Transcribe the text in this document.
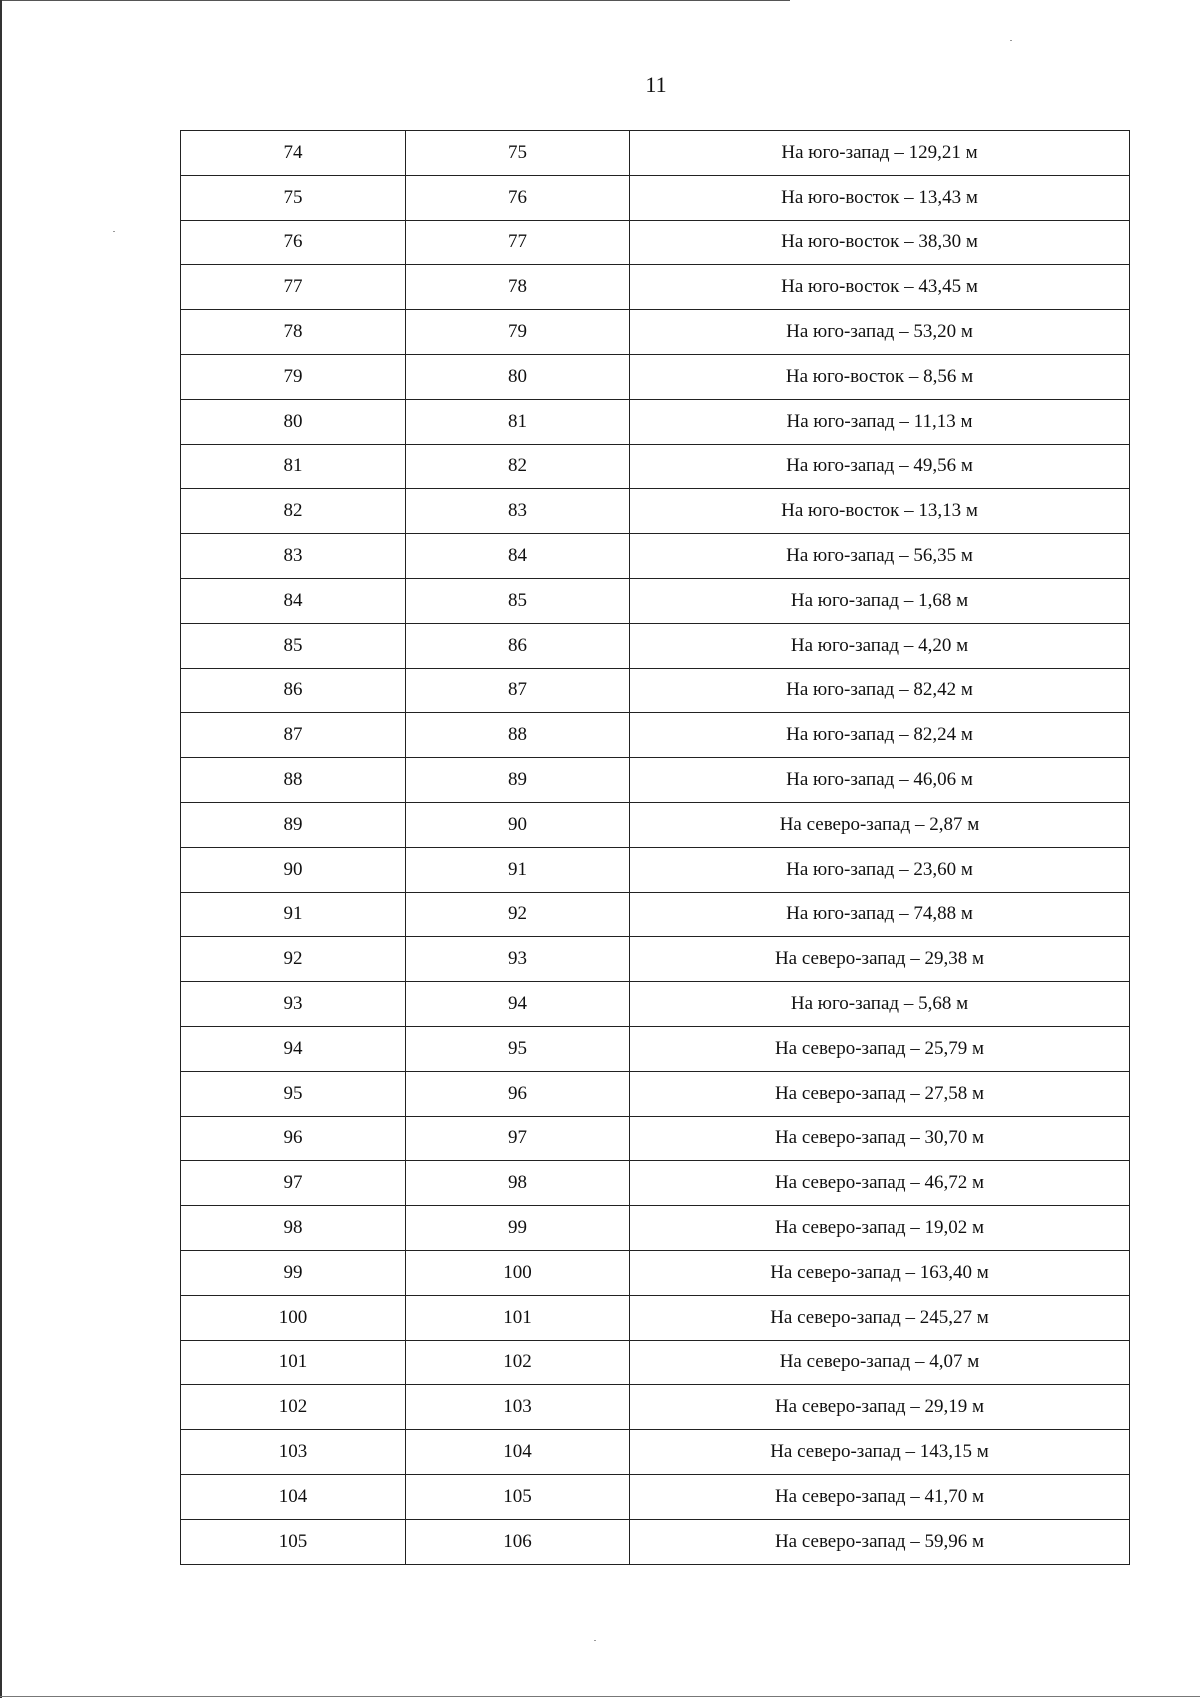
11
74	75	На юго-запад – 129,21 м
75	76	На юго-восток – 13,43 м
76	77	На юго-восток – 38,30 м
77	78	На юго-восток – 43,45 м
78	79	На юго-запад – 53,20 м
79	80	На юго-восток – 8,56 м
80	81	На юго-запад – 11,13 м
81	82	На юго-запад – 49,56 м
82	83	На юго-восток – 13,13 м
83	84	На юго-запад – 56,35 м
84	85	На юго-запад – 1,68 м
85	86	На юго-запад – 4,20 м
86	87	На юго-запад – 82,42 м
87	88	На юго-запад – 82,24 м
88	89	На юго-запад – 46,06 м
89	90	На северо-запад – 2,87 м
90	91	На юго-запад – 23,60 м
91	92	На юго-запад – 74,88 м
92	93	На северо-запад – 29,38 м
93	94	На юго-запад – 5,68 м
94	95	На северо-запад – 25,79 м
95	96	На северо-запад – 27,58 м
96	97	На северо-запад – 30,70 м
97	98	На северо-запад – 46,72 м
98	99	На северо-запад – 19,02 м
99	100	На северо-запад – 163,40 м
100	101	На северо-запад – 245,27 м
101	102	На северо-запад – 4,07 м
102	103	На северо-запад – 29,19 м
103	104	На северо-запад – 143,15 м
104	105	На северо-запад – 41,70 м
105	106	На северо-запад – 59,96 м
